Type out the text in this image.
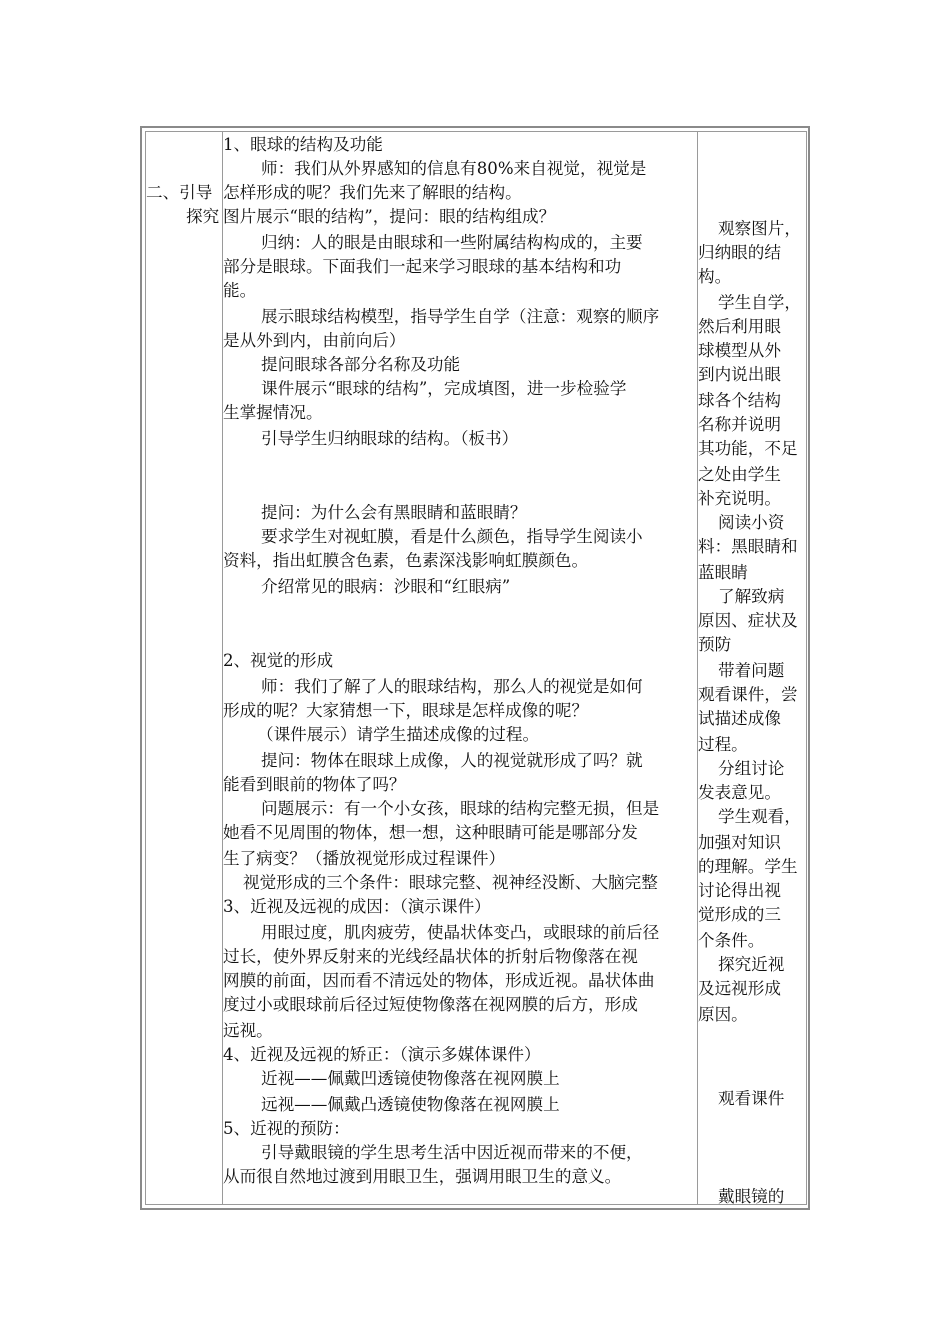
二、引导
探究
1、眼球的结构及功能
师：我们从外界感知的信息有80%来自视觉，视觉是
怎样形成的呢？我们先来了解眼的结构。
图片展示“眼的结构”，提问：眼的结构组成？
归纳：人的眼是由眼球和一些附属结构构成的，主要
部分是眼球。下面我们一起来学习眼球的基本结构和功
能。
展示眼球结构模型，指导学生自学（注意：观察的顺序
是从外到内，由前向后）
提问眼球各部分名称及功能
课件展示“眼球的结构”，完成填图，进一步检验学
生掌握情况。
引导学生归纳眼球的结构。（板书）
提问：为什么会有黑眼睛和蓝眼睛？
要求学生对视虹膜，看是什么颜色，指导学生阅读小
资料，指出虹膜含色素，色素深浅影响虹膜颜色。
介绍常见的眼病：沙眼和“红眼病”
2、视觉的形成
师：我们了解了人的眼球结构，那么人的视觉是如何
形成的呢？大家猜想一下，眼球是怎样成像的呢？
（课件展示）请学生描述成像的过程。
提问：物体在眼球上成像，人的视觉就形成了吗？就
能看到眼前的物体了吗？
问题展示：有一个小女孩，眼球的结构完整无损，但是
她看不见周围的物体，想一想，这种眼睛可能是哪部分发
生了病变？（播放视觉形成过程课件）
视觉形成的三个条件：眼球完整、视神经没断、大脑完整
3、近视及远视的成因：（演示课件）
用眼过度，肌肉疲劳，使晶状体变凸，或眼球的前后径
过长，使外界反射来的光线经晶状体的折射后物像落在视
网膜的前面，因而看不清远处的物体，形成近视。晶状体曲
度过小或眼球前后径过短使物像落在视网膜的后方，形成
远视。
4、近视及远视的矫正：（演示多媒体课件）
近视——佩戴凹透镜使物像落在视网膜上
远视——佩戴凸透镜使物像落在视网膜上
5、近视的预防：
引导戴眼镜的学生思考生活中因近视而带来的不便，
从而很自然地过渡到用眼卫生，强调用眼卫生的意义。
观察图片，
归纳眼的结
构。
学生自学，
然后利用眼
球模型从外
到内说出眼
球各个结构
名称并说明
其功能，不足
之处由学生
补充说明。
阅读小资
料：黑眼睛和
蓝眼睛
了解致病
原因、症状及
预防
带着问题
观看课件，尝
试描述成像
过程。
分组讨论
发表意见。
学生观看，
加强对知识
的理解。学生
讨论得出视
觉形成的三
个条件。
探究近视
及远视形成
原因。
观看课件
戴眼镜的
